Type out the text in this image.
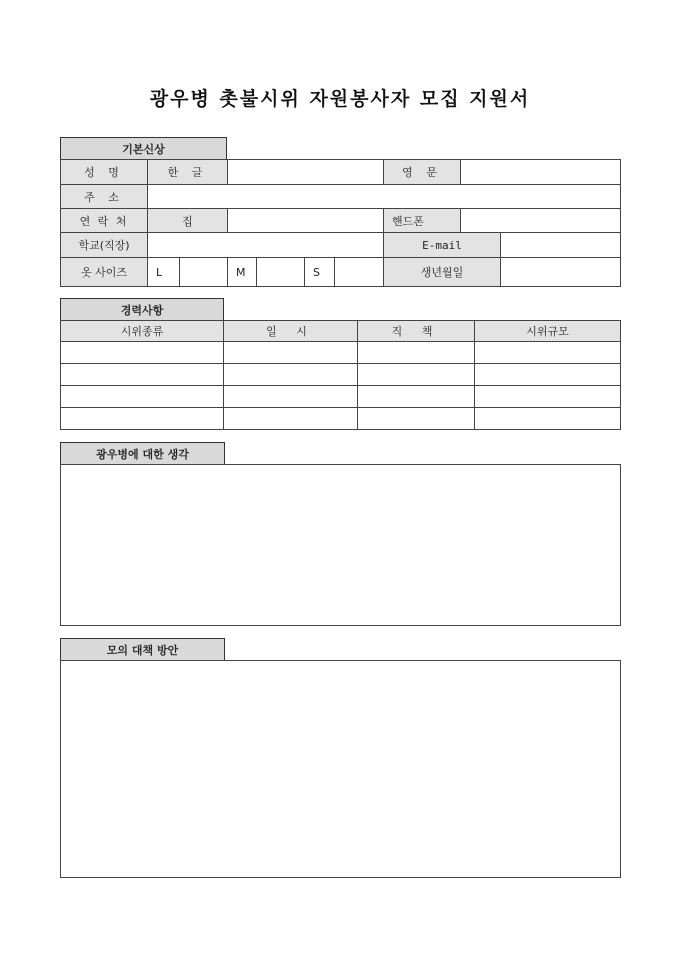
광우병 촛불시위 자원봉사자 모집 지원서
기본신상
성 명	한 글	영 문
주 소
연 락 처	집	핸드폰
학교(직장)	E-mail
옷 사이즈	L	M	S	생년월일
경력사항
시위종류	일 시	직 책	시위규모
광우병에 대한 생각
모의 대책 방안
